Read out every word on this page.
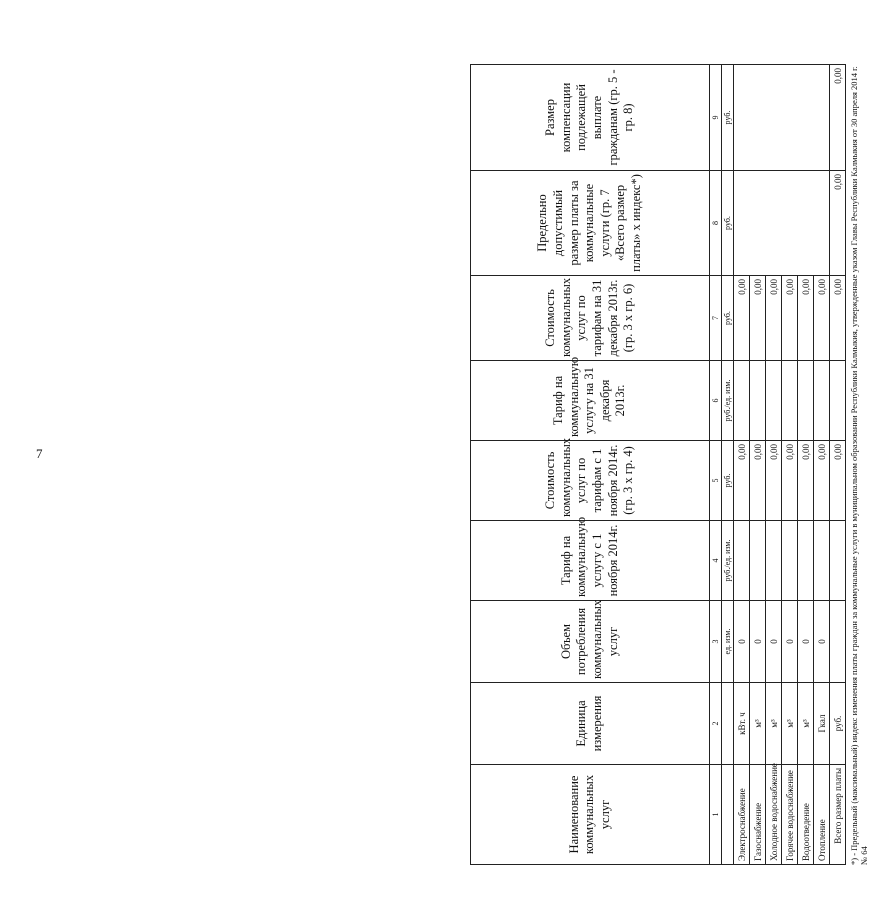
7
Наименование коммунальных услуг	Единица измерения	Объем потребления коммунальных услуг	Тариф на коммунальную услугу с 1 ноября 2014г.	Стоимость коммунальных услуг по тарифам с 1 ноября 2014г. (гр. 3 х гр. 4)	Тариф на коммунальную услугу на 31 декабря 2013г.	Стоимость коммунальных услуг по тарифам на 31 декабря 2013г. (гр. 3 х гр. 6)	Предельно допустимый размер платы за коммунальные услуги (гр. 7 «Всего размер платы» х индекс*)	Размер компенсации подлежащей выплате гражданам (гр. 5 - гр. 8)
1	2	3	4	5	6	7	8	9
		ед. изм.	руб./ед. изм.	руб.	руб./ед. изм.	руб.	руб.	руб.
Электроснабжение	кВт. ч	0		0,00		0,00		
Газоснабжение	м³	0		0,00		0,00		
Холодное водоснабжение	м³	0		0,00		0,00		
Горячее водоснабжение	м³	0		0,00		0,00		
Водоотведение	м³	0		0,00		0,00		
Отопление	Гкал	0		0,00		0,00		
Всего размер платы	руб.			0,00		0,00	0,00	0,00 *) - Предельный (максимальный) индекс изменения платы граждан за коммунальные услуги в муниципальном образовании Республики Калмыкия, утвержденные указом Главы Республики Калмыкия от 30 апреля 2014 г. № 64
